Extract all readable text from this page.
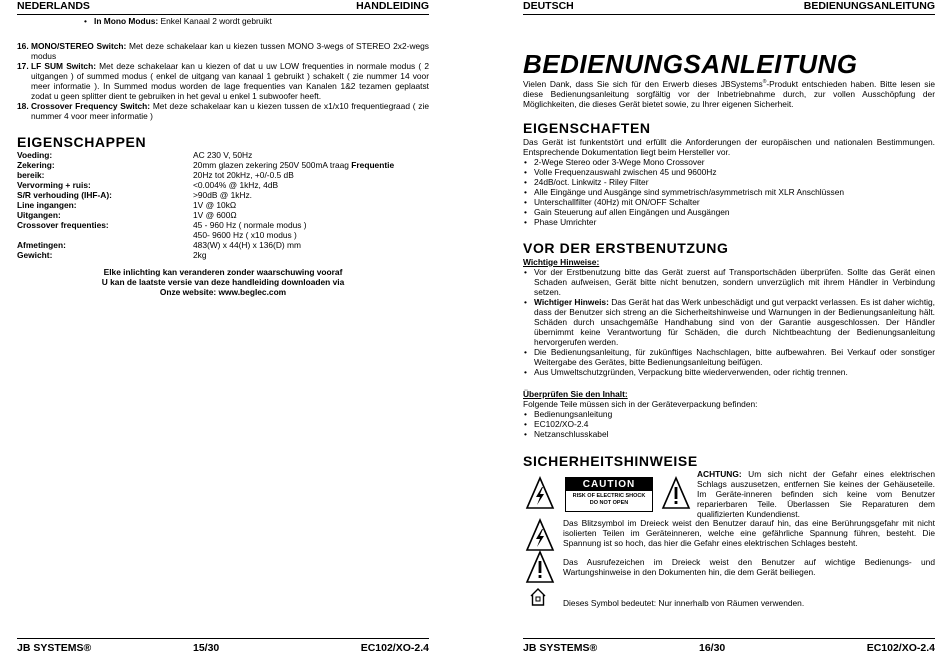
NEDERLANDS	HANDLEIDING
• In Mono Modus: Enkel Kanaal 2 wordt gebruikt
16. MONO/STEREO Switch: Met deze schakelaar kan u kiezen tussen MONO 3-wegs of STEREO 2x2-wegs modus
17. LF SUM Switch: Met deze schakelaar kan u kiezen of dat u uw LOW frequenties in normale modus ( 2 uitgangen ) of summed modus ( enkel de uitgang van kanaal 1 gebruikt ) schakelt ( zie nummer 14 voor meer informatie ). In Summed modus worden de lage frequenties van Kanalen 1&2 tezamen geplaatst zodat u geen splitter dient te gebruiken in het geval u enkel 1 subwoofer heeft.
18. Crossover Frequency Switch: Met deze schakelaar kan u kiezen tussen de x1/x10 frequentiegraad ( zie nummer 4 voor meer informatie )
EIGENSCHAPPEN
Voeding:	AC 230 V, 50Hz
Zekering:	20mm glazen zekering 250V 500mA traag Frequentie
bereik:	20Hz tot 20kHz, +0/-0.5 dB
Vervorming + ruis:	<0.004% @ 1kHz, 4dB
S/R verhouding (IHF-A):	>90dB @ 1kHz.
Line ingangen:	1V @ 10kΩ
Uitgangen:	1V @ 600Ω
Crossover frequenties:	45 - 960 Hz ( normale modus )
	450- 9600 Hz ( x10 modus )
Afmetingen:	483(W) x 44(H) x 136(D) mm
Gewicht:	2kg
Elke inlichting kan veranderen zonder waarschuwing vooraf
U kan de laatste versie van deze handleiding downloaden via
Onze website: www.beglec.com
JB SYSTEMS®	15/30	EC102/XO-2.4
DEUTSCH	BEDIENUNGSANLEITUNG
BEDIENUNGSANLEITUNG
Vielen Dank, dass Sie sich für den Erwerb dieses JBSystems®-Produkt entschieden haben. Bitte lesen sie diese Bedienungsanleitung sorgfältig vor der Inbetriebnahme durch, zur vollen Ausschöpfung der Möglichkeiten, die dieses Gerät bietet sowie, zu Ihrer eigenen Sicherheit.
EIGENSCHAFTEN
Das Gerät ist funkentstört und erfüllt die Anforderungen der europäischen und nationalen Bestimmungen. Entsprechende Dokumentation liegt beim Hersteller vor.
• 2-Wege Stereo oder 3-Wege Mono Crossover
• Volle Frequenzauswahl zwischen 45 und 9600Hz
• 24dB/oct. Linkwitz - Riley Filter
• Alle Eingänge und Ausgänge sind symmetrisch/asymmetrisch mit XLR Anschlüssen
• Unterschallfilter (40Hz) mit ON/OFF Schalter
• Gain Steuerung auf allen Eingängen und Ausgängen
• Phase Umrichter
VOR DER ERSTBENUTZUNG
Wichtige Hinweise:
• Vor der Erstbenutzung bitte das Gerät zuerst auf Transportschäden überprüfen. Sollte das Gerät einen Schaden aufweisen, Gerät bitte nicht benutzen, sondern unverzüglich mit ihrem Händler in Verbindung setzen.
• Wichtiger Hinweis: Das Gerät hat das Werk unbeschädigt und gut verpackt verlassen. Es ist daher wichtig, dass der Benutzer sich streng an die Sicherheitshinweise und Warnungen in der Bedienungsanleitung hält. Schäden durch unsachgemäße Handhabung sind von der Garantie ausgeschlossen. Der Händler übernimmt keine Verantwortung für Schäden, die durch Nichtbeachtung der Bedienungsanleitung hervorgerufen werden.
• Die Bedienungsanleitung, für zukünftiges Nachschlagen, bitte aufbewahren. Bei Verkauf oder sonstiger Weitergabe des Gerätes, bitte Bedienungsanleitung beifügen.
• Aus Umweltschutzgründen, Verpackung bitte wiederverwenden, oder richtig trennen.
Überprüfen Sie den Inhalt:
Folgende Teile müssen sich in der Geräteverpackung befinden:
• Bedienungsanleitung
• EC102/XO-2.4
• Netzanschlusskabel
SICHERHEITSHINWEISE
CAUTION
RISK OF ELECTRIC SHOCK
DO NOT OPEN
ACHTUNG: Um sich nicht der Gefahr eines elektrischen Schlags auszusetzen, entfernen Sie keines der Gehäuseteile. Im Geräte-inneren befinden sich keine vom Benutzer reparierbaren Teile. Überlassen Sie Reparaturen dem qualifizierten Kundendienst.
Das Blitzsymbol im Dreieck weist den Benutzer darauf hin, das eine Berührungsgefahr mit nicht isolierten Teilen im Geräteinneren, welche eine gefährliche Spannung führen, besteht. Die Spannung ist so hoch, das hier die Gefahr eines elektrischen Schlages besteht.
Das Ausrufezeichen im Dreieck weist den Benutzer auf wichtige Bedienungs- und Wartungshinweise in den Dokumenten hin, die dem Gerät beiliegen.
Dieses Symbol bedeutet: Nur innerhalb von Räumen verwenden.
JB SYSTEMS®	16/30	EC102/XO-2.4
